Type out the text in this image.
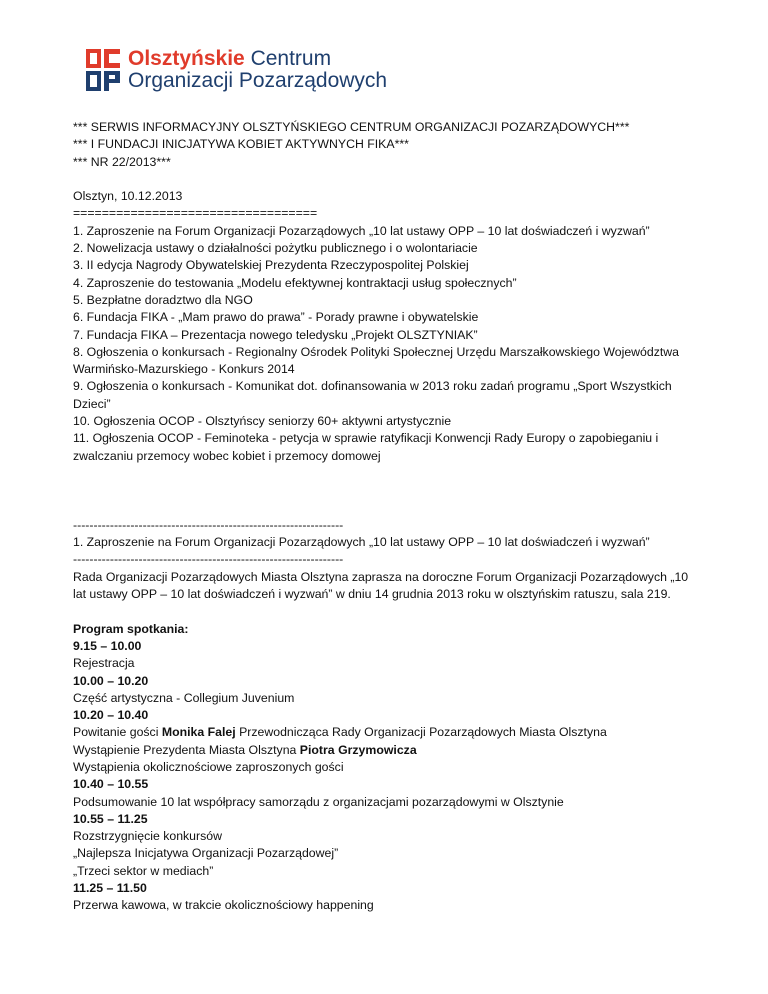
Olsztyńskie Centrum
Organizacji Pozarządowych

*** SERWIS INFORMACYJNY OLSZTYŃSKIEGO CENTRUM ORGANIZACJI POZARZĄDOWYCH***

*** I FUNDACJI INICJATYWA KOBIET AKTYWNYCH FIKA***

*** NR 22/2013***

Olsztyn, 10.12.2013

==================================

1. Zaproszenie na Forum Organizacji Pozarządowych „10 lat ustawy OPP – 10 lat doświadczeń i wyzwań”

2. Nowelizacja ustawy o działalności pożytku publicznego i o wolontariacie

3. II edycja Nagrody Obywatelskiej Prezydenta Rzeczypospolitej Polskiej

4. Zaproszenie do testowania „Modelu efektywnej kontraktacji usług społecznych”

5. Bezpłatne doradztwo dla NGO

6. Fundacja FIKA - „Mam prawo do prawa” - Porady prawne i obywatelskie

7. Fundacja FIKA – Prezentacja nowego teledysku „Projekt OLSZTYNIAK”

8. Ogłoszenia o konkursach - Regionalny Ośrodek Polityki Społecznej Urzędu Marszałkowskiego Województwa Warmińsko-Mazurskiego - Konkurs 2014

9. Ogłoszenia o konkursach - Komunikat dot. dofinansowania w 2013 roku zadań programu „Sport Wszystkich Dzieci”

10. Ogłoszenia OCOP - Olsztyńscy seniorzy 60+ aktywni artystycznie

11. Ogłoszenia OCOP - Feminoteka - petycja w sprawie ratyfikacji Konwencji Rady Europy o zapobieganiu i zwalczaniu przemocy wobec kobiet i przemocy domowej

------------------------------------------------------------------

1. Zaproszenie na Forum Organizacji Pozarządowych „10 lat ustawy OPP – 10 lat doświadczeń i wyzwań”

------------------------------------------------------------------

Rada Organizacji Pozarządowych Miasta Olsztyna zaprasza na doroczne Forum Organizacji Pozarządowych „10 lat ustawy OPP – 10 lat doświadczeń i wyzwań” w dniu 14 grudnia 2013 roku w olsztyńskim ratuszu, sala 219.

Program spotkania:

9.15 – 10.00

Rejestracja

10.00 – 10.20

Część artystyczna - Collegium Juvenium

10.20 – 10.40

Powitanie gości Monika Falej Przewodnicząca Rady Organizacji Pozarządowych Miasta Olsztyna

Wystąpienie Prezydenta Miasta Olsztyna Piotra Grzymowicza

Wystąpienia okolicznościowe zaproszonych gości

10.40 – 10.55

Podsumowanie 10 lat współpracy samorządu z organizacjami pozarządowymi w Olsztynie

10.55 – 11.25

Rozstrzygnięcie konkursów

„Najlepsza Inicjatywa Organizacji Pozarządowej”

„Trzeci sektor w mediach”

11.25 – 11.50

Przerwa kawowa, w trakcie okolicznościowy happening
